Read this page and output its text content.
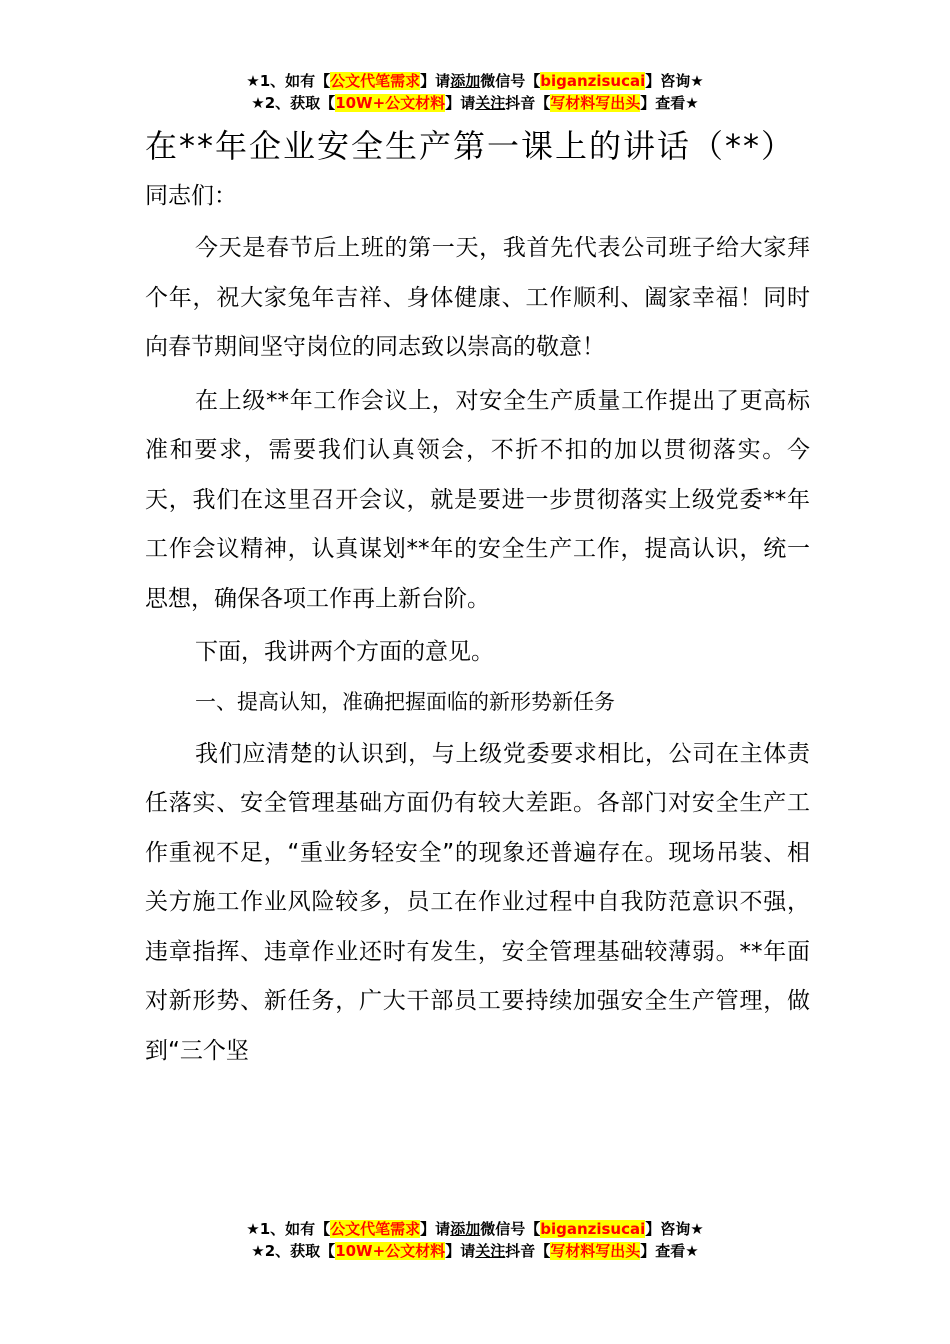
★1、如有【公文代笔需求】请添加微信号【biganzisucai】咨询★
★2、获取【10W+公文材料】请关注抖音【写材料写出头】查看★
在**年企业安全生产第一课上的讲话（**）

同志们：

今天是春节后上班的第一天，我首先代表公司班子给大家拜个年，祝大家兔年吉祥、身体健康、工作顺利、阖家幸福！同时向春节期间坚守岗位的同志致以崇高的敬意！

在上级**年工作会议上，对安全生产质量工作提出了更高标准和要求，需要我们认真领会，不折不扣的加以贯彻落实。今天，我们在这里召开会议，就是要进一步贯彻落实上级党委**年工作会议精神，认真谋划**年的安全生产工作，提高认识，统一思想，确保各项工作再上新台阶。

下面，我讲两个方面的意见。

一、提高认知，准确把握面临的新形势新任务

我们应清楚的认识到，与上级党委要求相比，公司在主体责任落实、安全管理基础方面仍有较大差距。各部门对安全生产工作重视不足，“重业务轻安全”的现象还普遍存在。现场吊装、相关方施工作业风险较多，员工在作业过程中自我防范意识不强，违章指挥、违章作业还时有发生，安全管理基础较薄弱。**年面对新形势、新任务，广大干部员工要持续加强安全生产管理，做到“三个坚

★1、如有【公文代笔需求】请添加微信号【biganzisucai】咨询★
★2、获取【10W+公文材料】请关注抖音【写材料写出头】查看★
